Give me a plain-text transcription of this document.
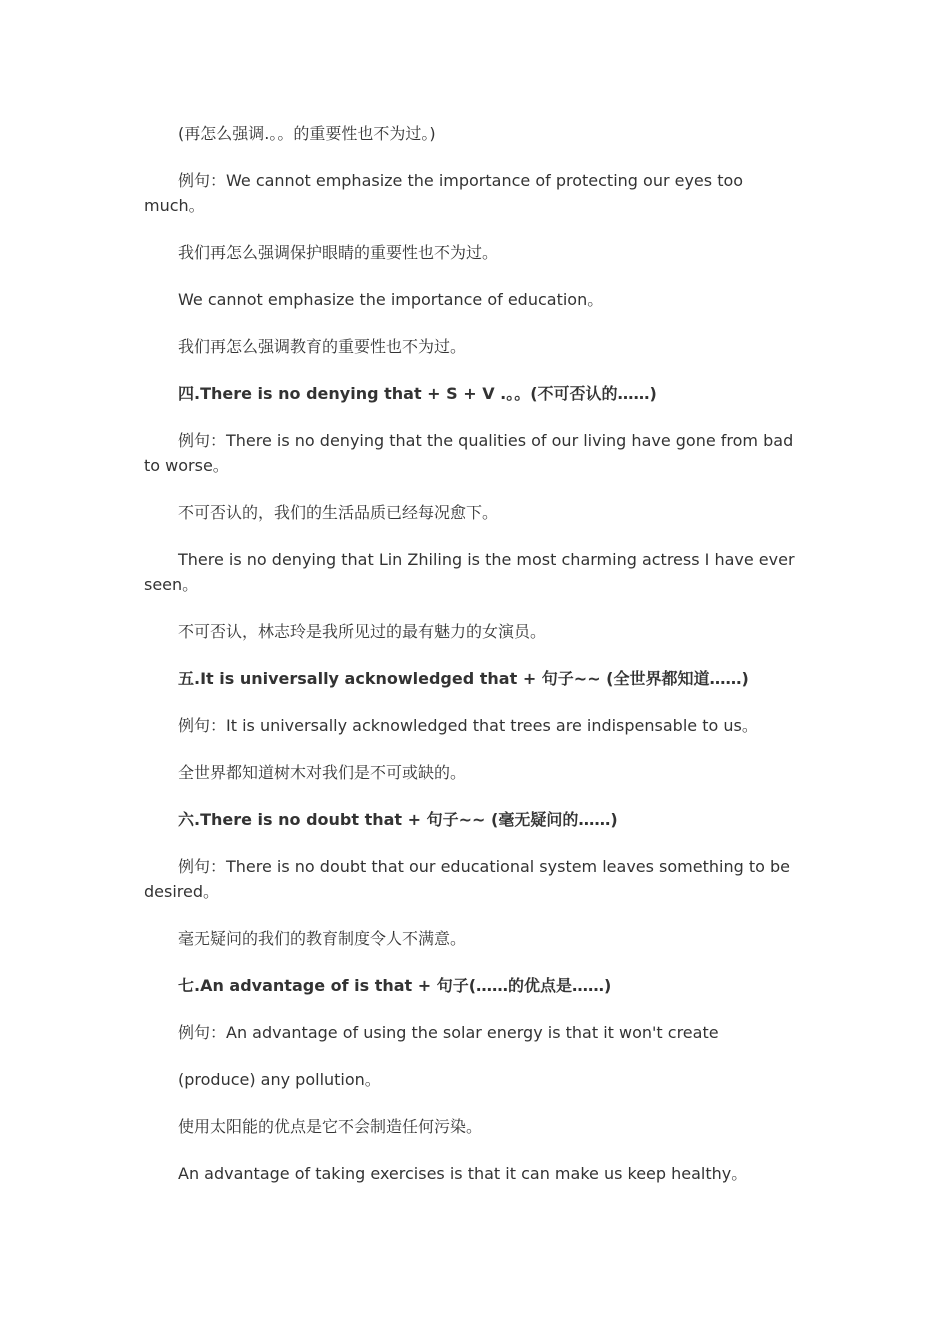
(再怎么强调.。。的重要性也不为过。)

例句：We cannot emphasize the importance of protecting our eyes too much。

我们再怎么强调保护眼睛的重要性也不为过。

We cannot emphasize the importance of education。

我们再怎么强调教育的重要性也不为过。

四.There is no denying that + S + V .。。(不可否认的……)

例句：There is no denying that the qualities of our living have gone from bad to worse。

不可否认的，我们的生活品质已经每况愈下。

There is no denying that Lin Zhiling is the most charming actress I have ever seen。

不可否认，林志玲是我所见过的最有魅力的女演员。

五.It is universally acknowledged that + 句子~~ (全世界都知道……)

例句：It is universally acknowledged that trees are indispensable to us。

全世界都知道树木对我们是不可或缺的。

六.There is no doubt that + 句子~~ (毫无疑问的……)

例句：There is no doubt that our educational system leaves something to be desired。

毫无疑问的我们的教育制度令人不满意。

七.An advantage of is that + 句子(……的优点是……)

例句：An advantage of using the solar energy is that it won't create

(produce) any pollution。

使用太阳能的优点是它不会制造任何污染。

An advantage of taking exercises is that it can make us keep healthy。
